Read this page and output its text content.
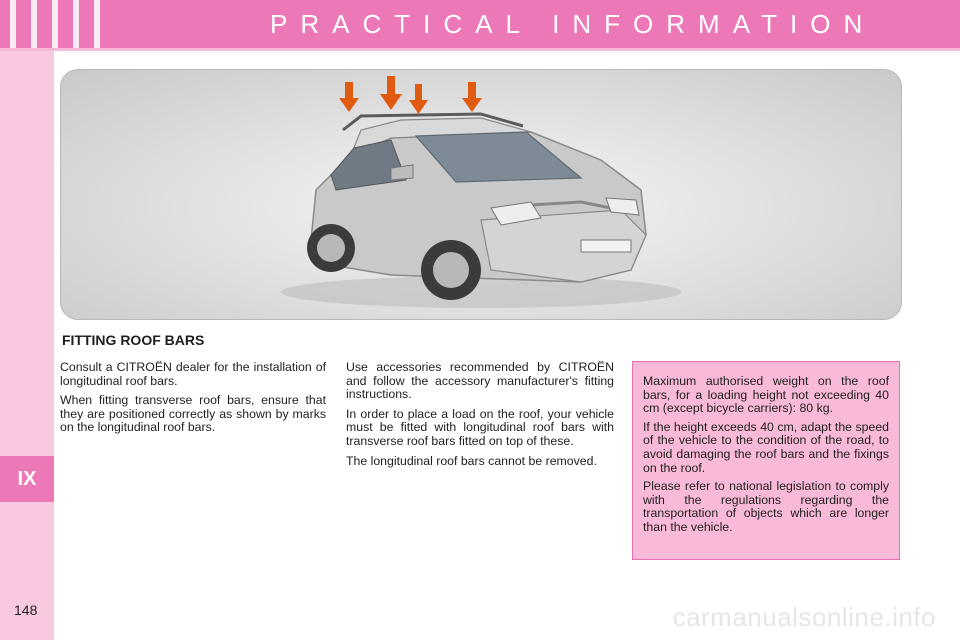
PRACTICAL INFORMATION
IX
148
FITTING ROOF BARS

Consult a CITROËN dealer for the installation of longitudinal roof bars.

When fitting transverse roof bars, ensure that they are positioned correctly as shown by marks on the longitudinal roof bars.

Use accessories recommended by CITROËN and follow the accessory manufacturer's fitting instructions.

In order to place a load on the roof, your vehicle must be fitted with longitudinal roof bars with transverse roof bars fitted on top of these.

The longitudinal roof bars cannot be removed.

Maximum authorised weight on the roof bars, for a loading height not exceeding 40 cm (except bicycle carriers): 80 kg.

If the height exceeds 40 cm, adapt the speed of the vehicle to the condition of the road, to avoid damaging the roof bars and the fixings on the roof.

Please refer to national legislation to comply with the regulations regarding the transportation of objects which are longer than the vehicle.

carmanualsonline.info
